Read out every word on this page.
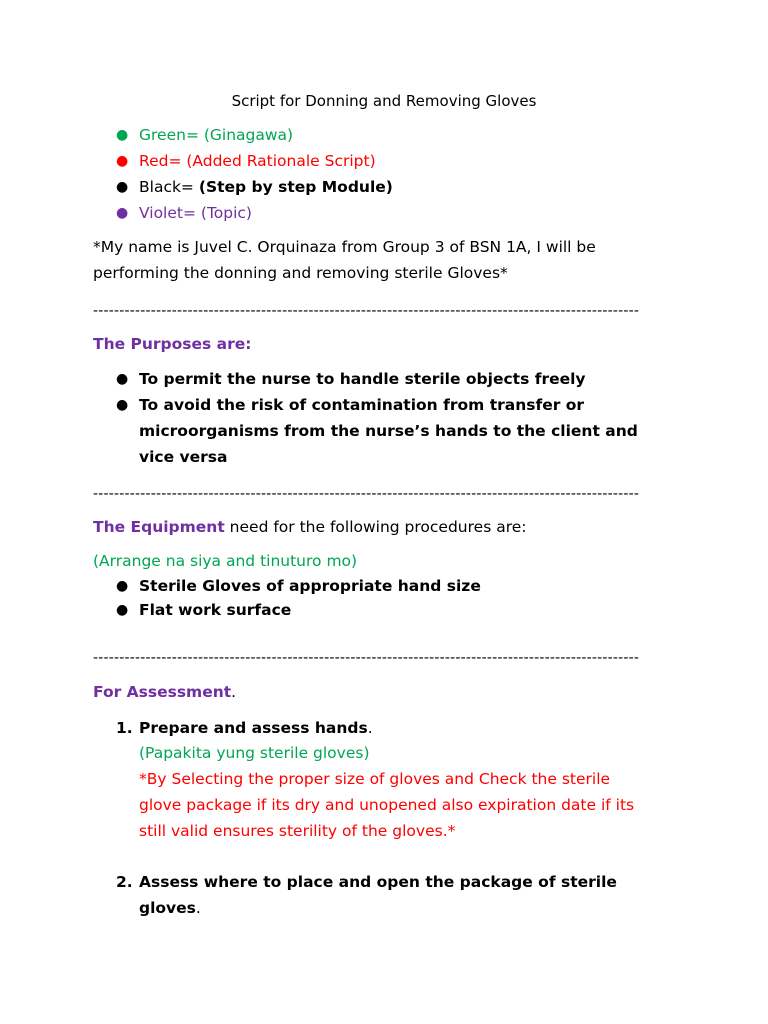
Script for Donning and Removing Gloves
● Green= (Ginagawa)
● Red= (Added Rationale Script)
● Black= (Step by step Module)
● Violet= (Topic)
*My name is Juvel C. Orquinaza from Group 3 of BSN 1A, I will be
performing the donning and removing sterile Gloves*
--------------------------------------------------------------------------------------------------------
The Purposes are:
● To permit the nurse to handle sterile objects freely
● To avoid the risk of contamination from transfer or
microorganisms from the nurse’s hands to the client and
vice versa
--------------------------------------------------------------------------------------------------------
The Equipment need for the following procedures are:
(Arrange na siya and tinuturo mo)
● Sterile Gloves of appropriate hand size
● Flat work surface
--------------------------------------------------------------------------------------------------------
For Assessment.
1. Prepare and assess hands.
(Papakita yung sterile gloves)
*By Selecting the proper size of gloves and Check the sterile
glove package if its dry and unopened also expiration date if its
still valid ensures sterility of the gloves.*
2. Assess where to place and open the package of sterile
gloves.
